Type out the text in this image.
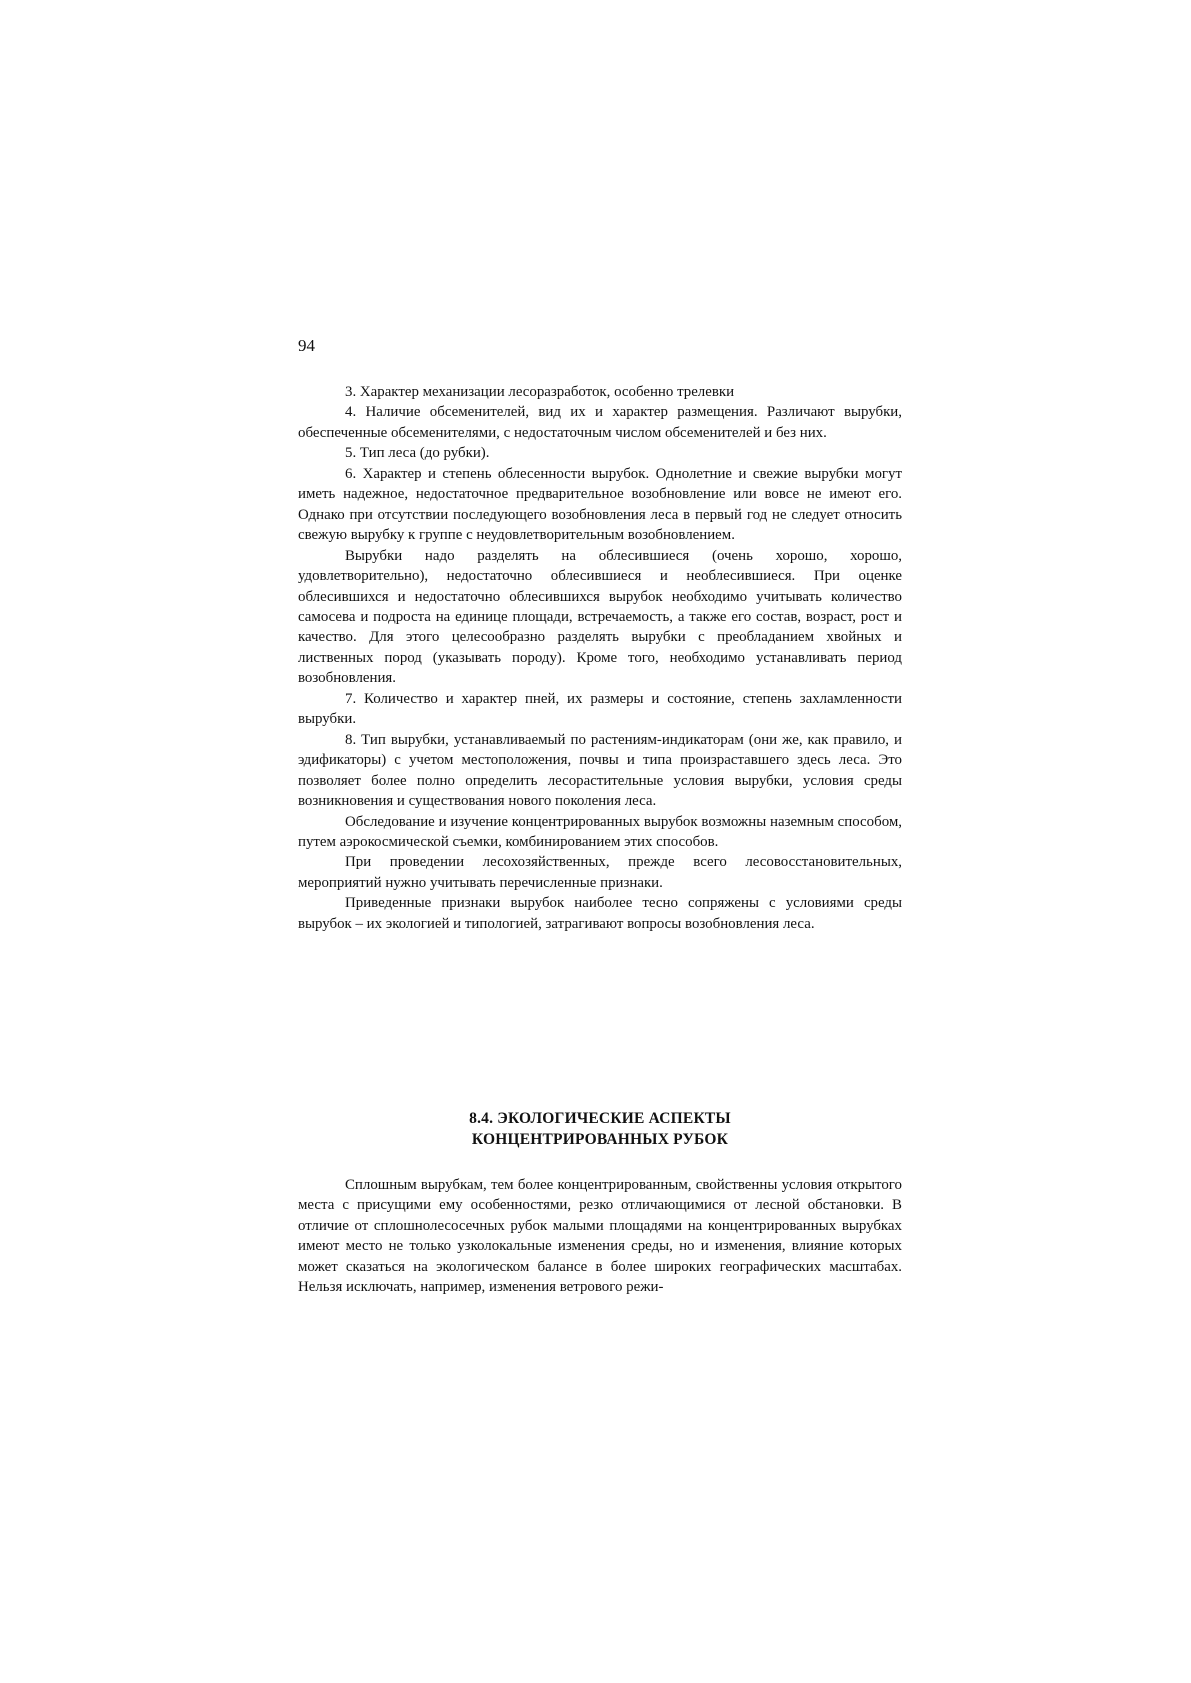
94

3. Характер механизации лесоразработок, особенно трелевки

4. Наличие обсеменителей, вид их и характер размещения. Различают вырубки, обеспеченные обсеменителями, с недостаточным числом обсеменителей и без них.

5. Тип леса (до рубки).

6. Характер и степень облесенности вырубок. Однолетние и свежие вырубки могут иметь надежное, недостаточное предварительное возобновление или вовсе не имеют его. Однако при отсутствии последующего возобновления леса в первый год не следует относить свежую вырубку к группе с неудовлетворительным возобновлением.

Вырубки надо разделять на облесившиеся (очень хорошо, хорошо, удовлетворительно), недостаточно облесившиеся и необлесившиеся. При оценке облесившихся и недостаточно облесившихся вырубок необходимо учитывать количество самосева и подроста на единице площади, встречаемость, а также его состав, возраст, рост и качество. Для этого целесообразно разделять вырубки с преобладанием хвойных и лиственных пород (указывать породу). Кроме того, необходимо устанавливать период возобновления.

7. Количество и характер пней, их размеры и состояние, степень захламленности вырубки.

8. Тип вырубки, устанавливаемый по растениям-индикаторам (они же, как правило, и эдификаторы) с учетом местоположения, почвы и типа произраставшего здесь леса. Это позволяет более полно определить лесорастительные условия вырубки, условия среды возникновения и существования нового поколения леса.

Обследование и изучение концентрированных вырубок возможны наземным способом, путем аэрокосмической съемки, комбинированием этих способов.

При проведении лесохозяйственных, прежде всего лесовосстановительных, мероприятий нужно учитывать перечисленные признаки.

Приведенные признаки вырубок наиболее тесно сопряжены с условиями среды вырубок – их экологией и типологией, затрагивают вопросы возобновления леса.

8.4. ЭКОЛОГИЧЕСКИЕ АСПЕКТЫ
КОНЦЕНТРИРОВАННЫХ РУБОК

Сплошным вырубкам, тем более концентрированным, свойственны условия открытого места с присущими ему особенностями, резко отличающимися от лесной обстановки. В отличие от сплошнолесосечных рубок малыми площадями на концентрированных вырубках имеют место не только узколокальные изменения среды, но и изменения, влияние которых может сказаться на экологическом балансе в более широких географических масштабах. Нельзя исключать, например, изменения ветрового режи-
